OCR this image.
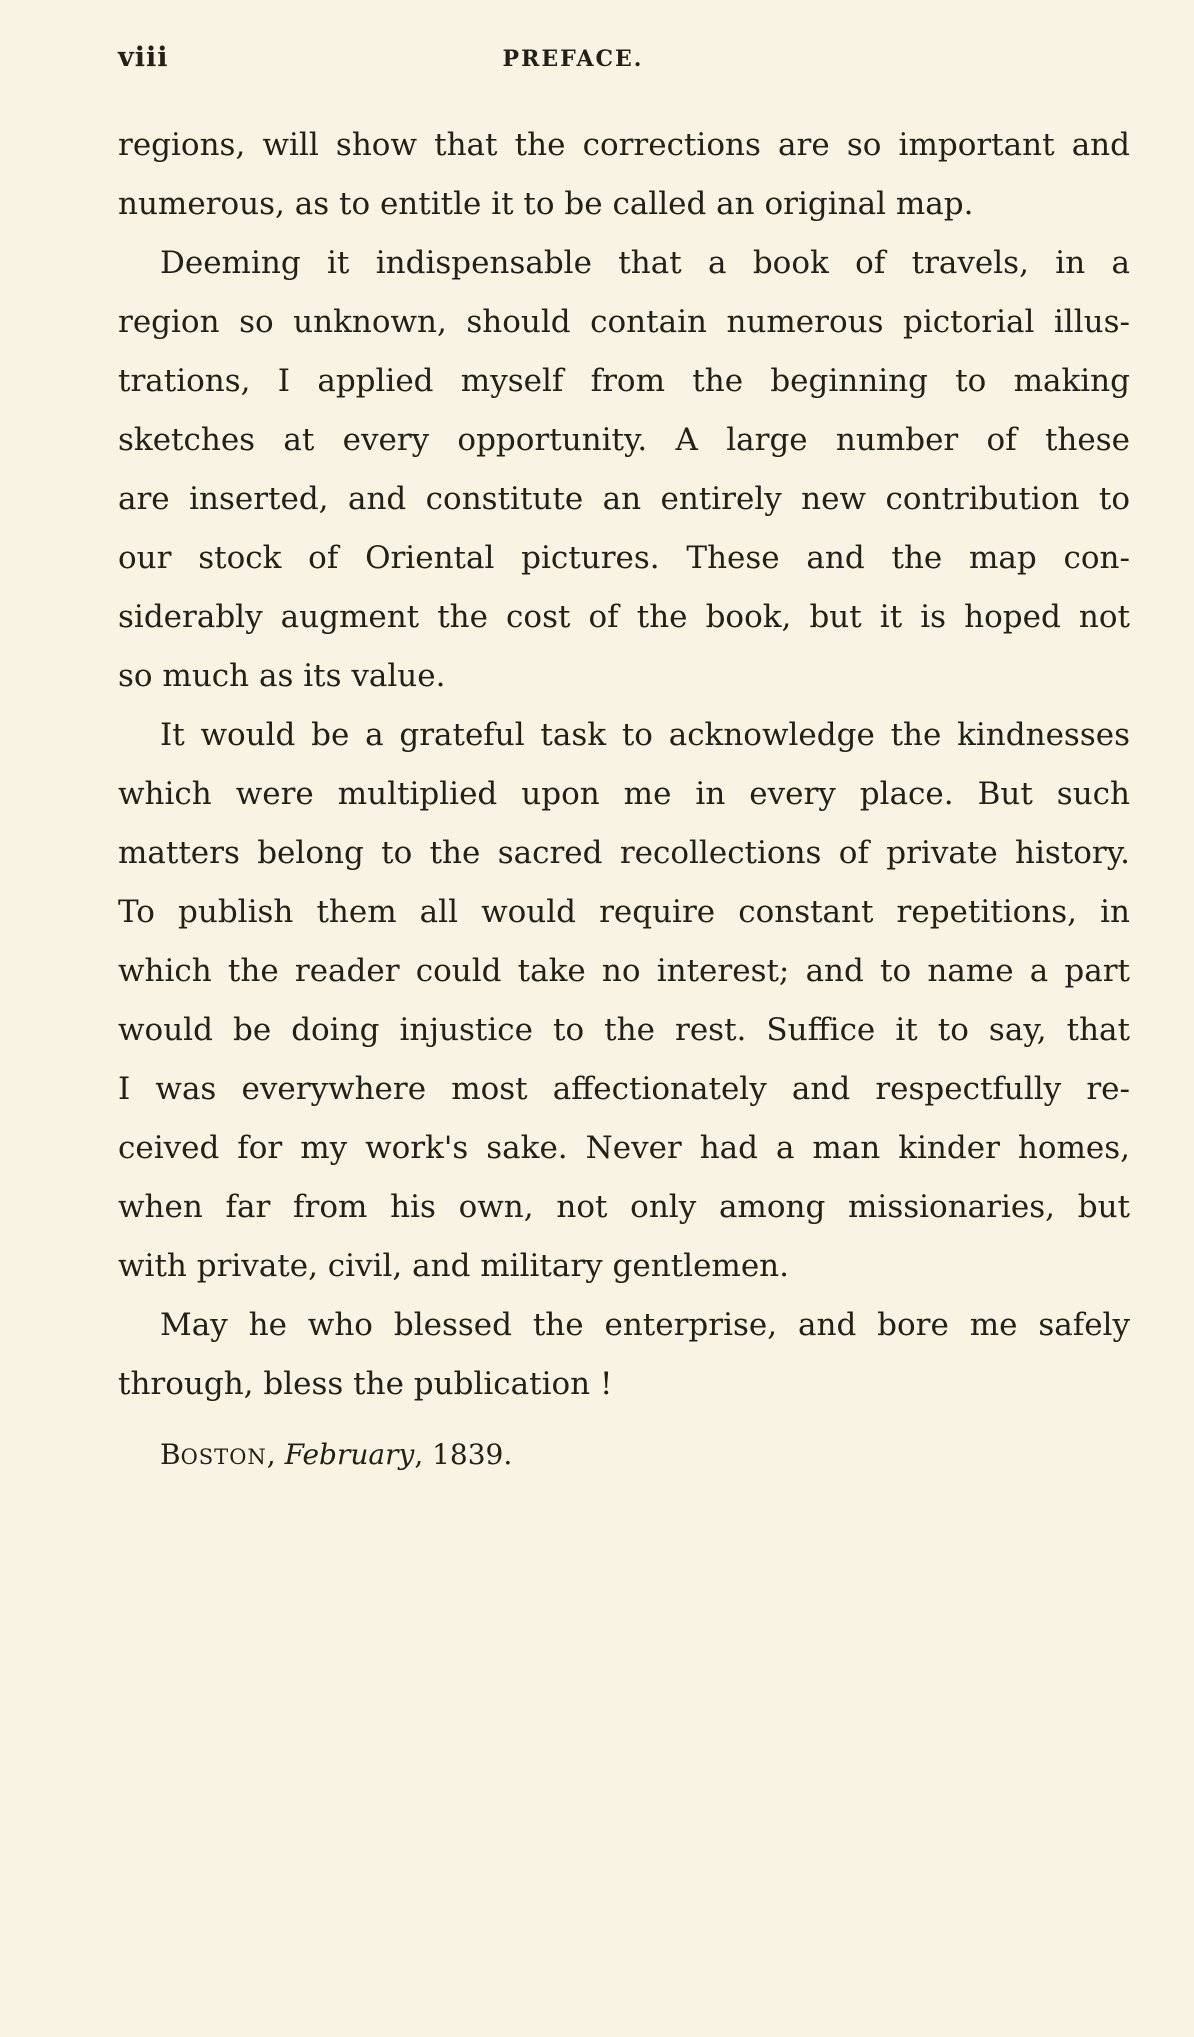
viii	PREFACE.
regions, will show that the corrections are so important and
numerous, as to entitle it to be called an original map.
Deeming it indispensable that a book of travels, in a
region so unknown, should contain numerous pictorial illus-
trations, I applied myself from the beginning to making
sketches at every opportunity. A large number of these
are inserted, and constitute an entirely new contribution to
our stock of Oriental pictures. These and the map con-
siderably augment the cost of the book, but it is hoped not
so much as its value.
It would be a grateful task to acknowledge the kindnesses
which were multiplied upon me in every place. But such
matters belong to the sacred recollections of private history.
To publish them all would require constant repetitions, in
which the reader could take no interest; and to name a part
would be doing injustice to the rest. Suffice it to say, that
I was everywhere most affectionately and respectfully re-
ceived for my work's sake. Never had a man kinder homes,
when far from his own, not only among missionaries, but
with private, civil, and military gentlemen.
May he who blessed the enterprise, and bore me safely
through, bless the publication !
BOSTON, February, 1839.
